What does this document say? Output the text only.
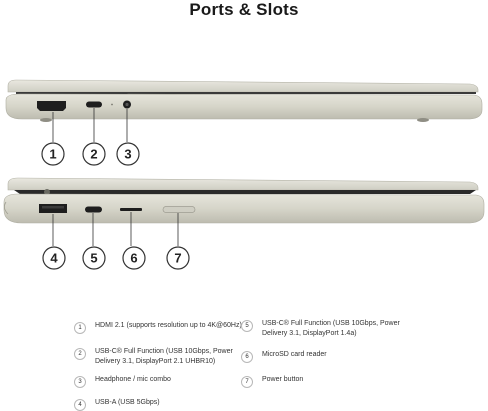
Ports & Slots
1	2 3
4	5	6	7
1	HDMI 2.1 (supports resolution up to 4K@60Hz)
2	USB-C® Full Function (USB 10Gbps, Power Delivery 3.1, DisplayPort 2.1 UHBR10)
3	Headphone / mic combo
4	USB-A (USB 5Gbps)
5	USB-C® Full Function (USB 10Gbps, Power Delivery 3.1, DisplayPort 1.4a)
6	MicroSD card reader
7	Power button
